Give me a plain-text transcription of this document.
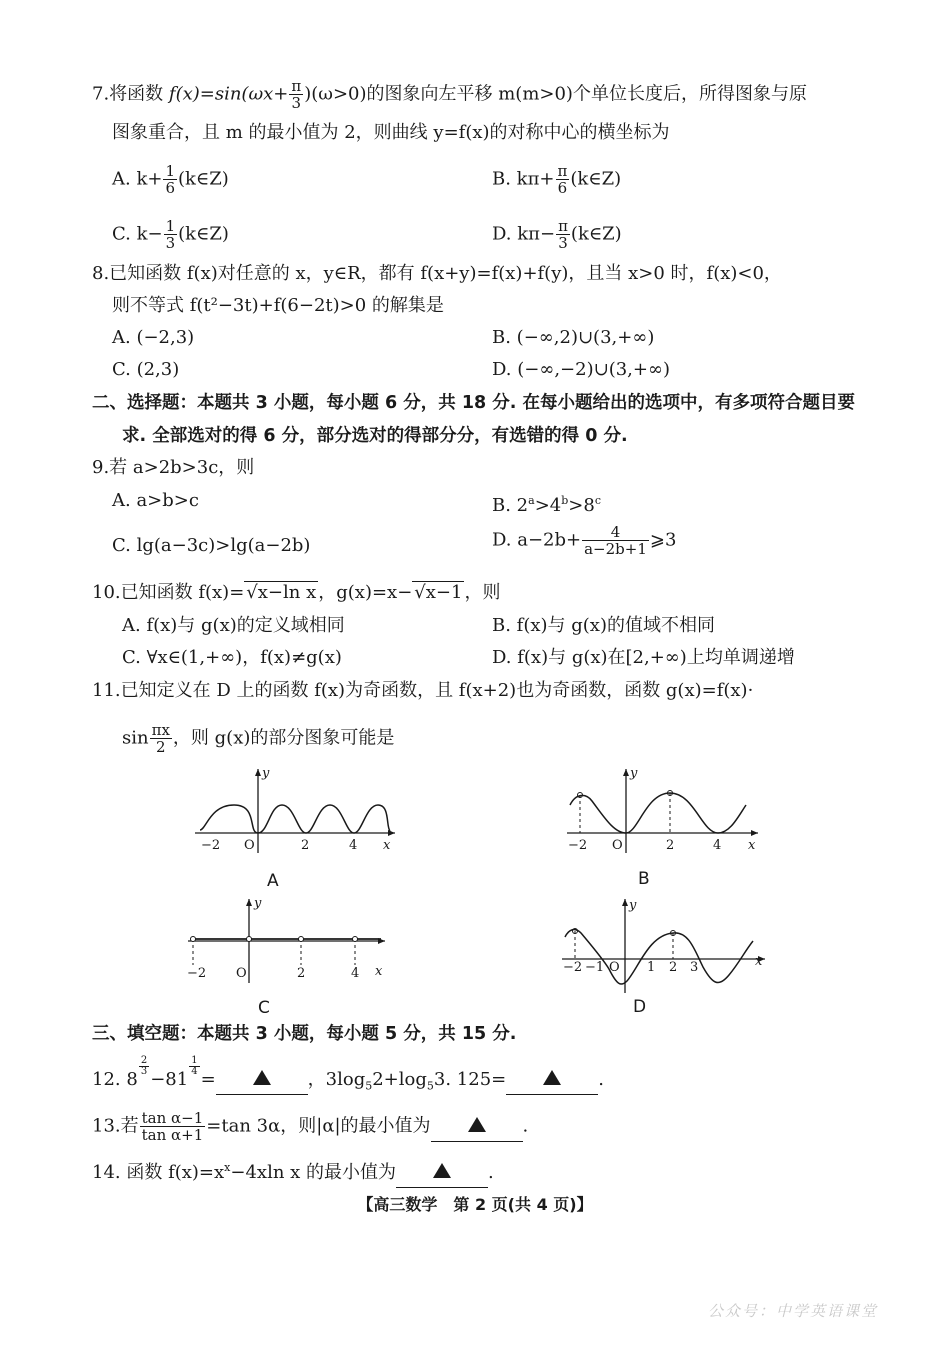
7.将函数 $f(x)=\sin(\omega x+ \frac{\pi}{3} )(\omega>0)$的图象向左平移 m(m>0)个单位长度后，所得图象与原
图象重合，且 m 的最小值为 2，则曲线 y=f(x)的对称中心的横坐标为
A. $k+ \frac{1}{6}$ (k∈Z)	B. $k\pi+ \frac{\pi}{6}$ (k∈Z)
C. $k- \frac{1}{3}$ (k∈Z)	D. $k\pi- \frac{\pi}{3}$ (k∈Z)
8.已知函数 f(x)对任意的 x，y∈R，都有 f(x+y)=f(x)+f(y)，且当 x>0 时，f(x)<0，
则不等式 f(t²−3t)+f(6−2t)>0 的解集是
A. (−2,3)	B. (−∞,2)∪(3,+∞)
C. (2,3)	D. (−∞,−2)∪(3,+∞)
二、选择题：本题共 3 小题，每小题 6 分，共 18 分. 在每小题给出的选项中，有多项符合题目要
求. 全部选对的得 6 分，部分选对的得部分分，有选错的得 0 分.
9.若 a>2b>3c，则
A. a>b>c	B. $2^a>4^b>8^c$
C. lg(a−3c)>lg(a−2b)	D. $a-2b+ \frac{4}{a-2b+1}$ ⩾3
10.已知函数 f(x)= √x−ln x ，g(x)=x− √x−1 ，则
A. f(x)与 g(x)的定义域相同	B. f(x)与 g(x)的值域不相同
C. ∀x∈(1,+∞)，f(x)≠g(x)	D. f(x)与 g(x)在[2,+∞)上均单调递增
11.已知定义在 D 上的函数 f(x)为奇函数，且 f(x+2)也为奇函数，函数 g(x)=f(x)·
$\sin \frac{\pi x}{2}$ ，则 g(x)的部分图象可能是
−2 O	2	4 x
y
A
−2 O	2	4 x
y
B
−2 O	2	4 x
y
C
−2 −1 O 1 2 3	x
y
D
三、填空题：本题共 3 小题，每小题 5 分，共 15 分.
12. 8
$^{\frac{2}{3}}$
−81
$^{\frac{1}{4}}$
=	，$3\log_52+\log_53$. 125=	.
13.若 $\frac{\text{tan α−1}}{\text{tan α+1}} =\tan$ 3α，则|α|的最小值为	.
14. 函数 $f(x)=x^x-4xln$ x 的最小值为	.
【高三数学　第 2 页(共 4 页)】
公众号：中学英语课堂
